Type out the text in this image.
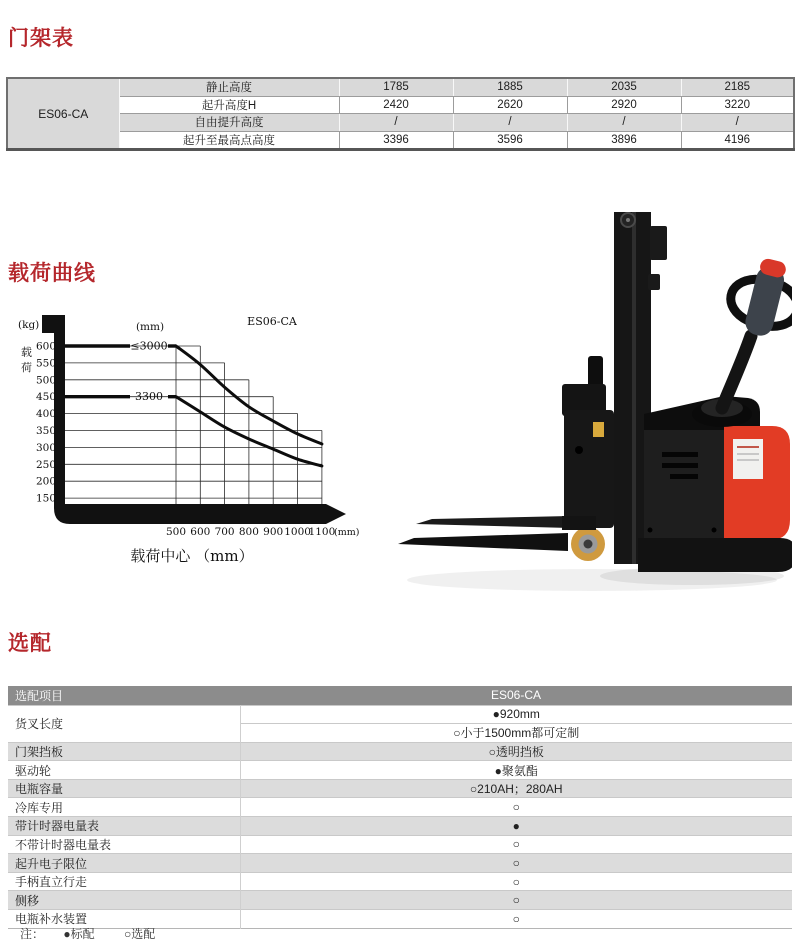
门架表
ES06-CA	静止高度	1785	1885	2035	2185
	起升高度H	2420	2620	2920	3220
	自由提升高度	/	/	/	/
	起升至最高点高度	3396	3596	3896	4196
载荷曲线
600
550
500
450
400
350
300
250
200
150
500 600 700 800 900 1000
1100
(mm)
≤3000
3300
(kg)
载
荷
(mm)	ES06-CA
载荷中心 （mm）
选配
选配项目	ES06-CA
货叉长度	●920mm
	○小于1500mm都可定制
门架挡板	○透明挡板
驱动轮	●聚氨酯
电瓶容量	○210AH；280AH
冷库专用	○
带计时器电量表	●
不带计时器电量表	○
起升电子限位	○
手柄直立行走	○
侧移	○
电瓶补水装置	○
注： ●标配 ○选配
